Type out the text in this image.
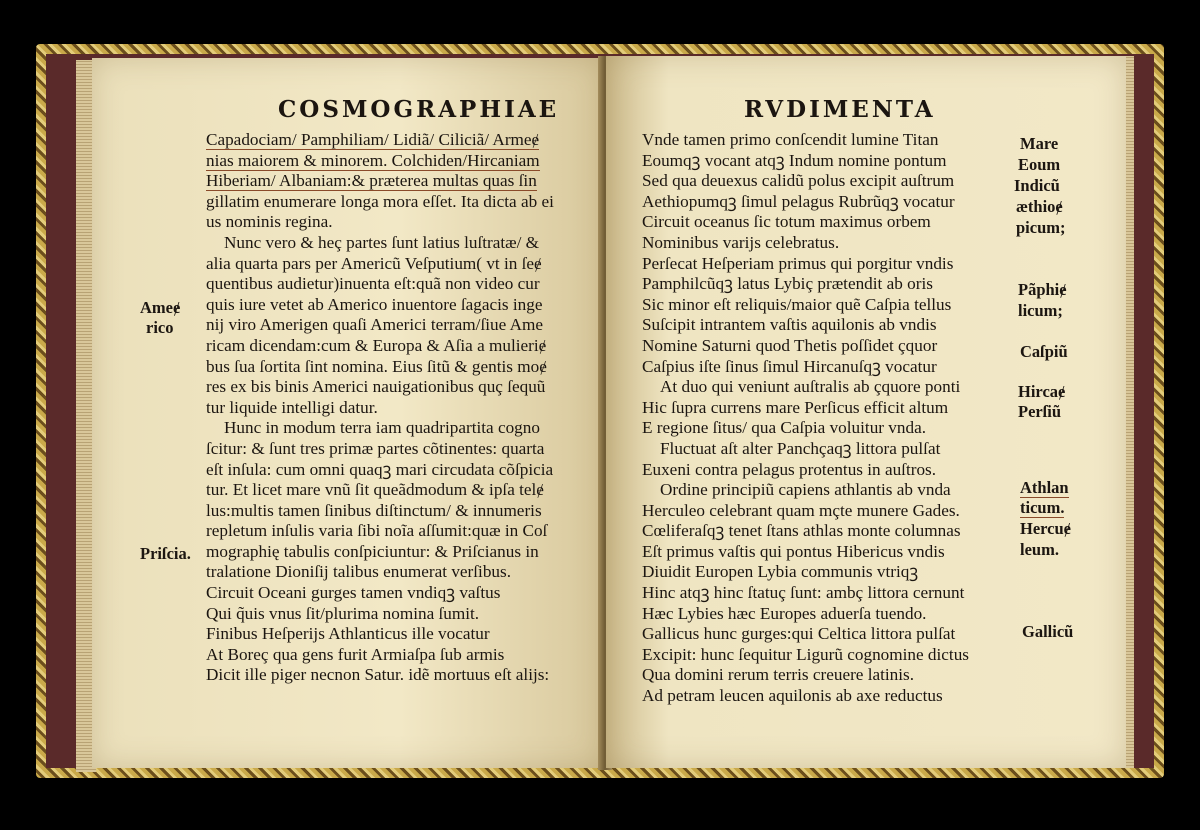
COSMOGRAPHIAE	RVDIMENTA
Capadociam/ Pamphiliam/ Lidiã/ Ciliciã/ Armeɇ
nias maiorem & minorem. Colchiden/Hircaniam
Hiberiam/ Albaniam:& præterea multas quas ſin
gillatim enumerare longa mora eſſet. Ita dicta ab ei
us nominis regina.
Nunc vero & heç partes ſunt latius luſtratæ/ &
alia quarta pars per Americũ Veſputium( vt in ſeɇ
quentibus audietur)inuenta eſt:quã non video cur
quis iure vetet ab Americo inuentore ſagacis inge
nij viro Amerigen quaſi Americi terram/ſiue Ame
ricam dicendam:cum & Europa & Aſia a mulieriɇ
bus ſua ſortita ſint nomina. Eius ſitũ & gentis moɇ
res ex bis binis Americi nauigationibus quç ſequũ
tur liquide intelligi datur.
Hunc in modum terra iam quadripartita cogno
ſcitur: & ſunt tres primæ partes cõtinentes: quarta
eſt inſula: cum omni quaqꝫ mari circudata cõſpicia
tur. Et licet mare vnũ ſit queãdmodum & ipſa telɇ
lus:multis tamen ſinibus diſtinctum/ & innumeris
repletum inſulis varia ſibi noĩa aſſumit:quæ in Coſ
mographię tabulis conſpiciuntur: & Priſcianus in
tralatione Dioniſij talibus enumerat verſibus.
Circuit Oceani gurges tamen vndiqꝫ vaſtus
Qui q̃uis vnus ſit/plurima nomina ſumit.
Finibus Heſperijs Athlanticus ille vocatur
At Boreç qua gens furit Armiaſpa ſub armis
Dicit ille piger necnon Satur. idẽ mortuus eſt alijs:
Ameɇ
rico
Priſcia.
Vnde tamen primo conſcendit lumine Titan
Eoumqꝫ vocant atqꝫ Indum nomine pontum
Sed qua deuexus calidũ polus excipit auſtrum
Aethiopumqꝫ ſimul pelagus Rubrũqꝫ vocatur
Circuit oceanus ſic totum maximus orbem
Nominibus varijs celebratus.
Perſecat Heſperiam primus qui porgitur vndis
Pamphilcũqꝫ latus Lybiç prætendit ab oris
Sic minor eſt reliquis/maior quẽ Caſpia tellus
Suſcipit intrantem vaſtis aquilonis ab vndis
Nomine Saturni quod Thetis poſſidet çquor
Caſpius iſte ſinus ſimul Hircanuſqꝫ vocatur
At duo qui veniunt auſtralis ab çquore ponti
Hic ſupra currens mare Perſicus efficit altum
E regione ſitus/ qua Caſpia voluitur vnda.
Fluctuat aſt alter Panchçaqꝫ littora pulſat
Euxeni contra pelagus protentus in auſtros.
Ordine principiũ capiens athlantis ab vnda
Herculeo celebrant quam mçte munere Gades.
Cœliferaſqꝫ tenet ſtans athlas monte columnas
Eſt primus vaſtis qui pontus Hibericus vndis
Diuidit Europen Lybia communis vtriqꝫ
Hinc atqꝫ hinc ſtatuç ſunt: ambç littora cernunt
Hæc Lybies hæc Europes aduerſa tuendo.
Gallicus hunc gurges:qui Celtica littora pulſat
Excipit: hunc ſequitur Ligurũ cognomine dictus
Qua domini rerum terris creuere latinis.
Ad petram leucen aquilonis ab axe reductus
Mare
Eoum
Indicũ
æthioɇ
picum;
Pãphiɇ
licum;
Caſpiũ
Hircaɇ
Perſiũ
Athlan
ticum.
Hercuɇ
leum.
Gallicũ
